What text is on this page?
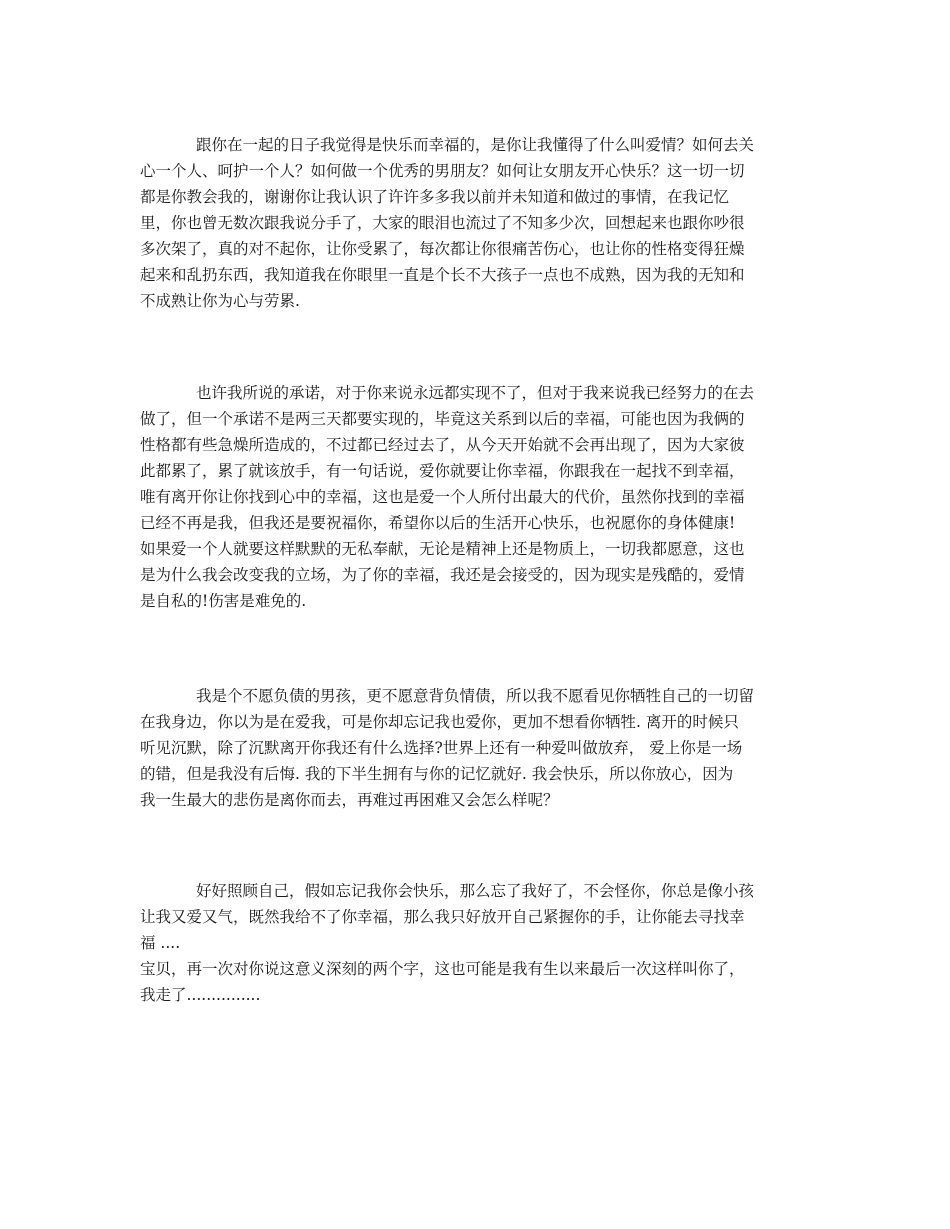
跟你在一起的日子我觉得是快乐而幸福的，是你让我懂得了什么叫爱情？如何去关
心一个人、呵护一个人？如何做一个优秀的男朋友？如何让女朋友开心快乐？这一切一切
都是你教会我的，谢谢你让我认识了许许多多我以前并未知道和做过的事情，在我记忆
里，你也曾无数次跟我说分手了，大家的眼泪也流过了不知多少次，回想起来也跟你吵很
多次架了，真的对不起你，让你受累了，每次都让你很痛苦伤心，也让你的性格变得狂燥
起来和乱扔东西，我知道我在你眼里一直是个长不大孩子一点也不成熟，因为我的无知和
不成熟让你为心与劳累.
也许我所说的承诺，对于你来说永远都实现不了，但对于我来说我已经努力的在去
做了，但一个承诺不是两三天都要实现的，毕竟这关系到以后的幸福，可能也因为我俩的
性格都有些急燥所造成的，不过都已经过去了，从今天开始就不会再出现了，因为大家彼
此都累了，累了就该放手，有一句话说，爱你就要让你幸福，你跟我在一起找不到幸福，
唯有离开你让你找到心中的幸福，这也是爱一个人所付出最大的代价，虽然你找到的幸福
已经不再是我，但我还是要祝福你，希望你以后的生活开心快乐，也祝愿你的身体健康!
如果爱一个人就要这样默默的无私奉献，无论是精神上还是物质上，一切我都愿意，这也
是为什么我会改变我的立场，为了你的幸福，我还是会接受的，因为现实是残酷的，爱情
是自私的!伤害是难免的.
我是个不愿负债的男孩，更不愿意背负情债，所以我不愿看见你牺牲自己的一切留
在我身边，你以为是在爱我，可是你却忘记我也爱你，更加不想看你牺牲. 离开的时候只
听见沉默，除了沉默离开你我还有什么选择?世界上还有一种爱叫做放弃， 爱上你是一场
的错，但是我没有后悔. 我的下半生拥有与你的记忆就好. 我会快乐，所以你放心，因为
我一生最大的悲伤是离你而去，再难过再困难又会怎么样呢？
好好照顾自己，假如忘记我你会快乐，那么忘了我好了，不会怪你，你总是像小孩
让我又爱又气，既然我给不了你幸福，那么我只好放开自己紧握你的手，让你能去寻找幸
福 ....
宝贝，再一次对你说这意义深刻的两个字，这也可能是我有生以来最后一次这样叫你了，
我走了...............
